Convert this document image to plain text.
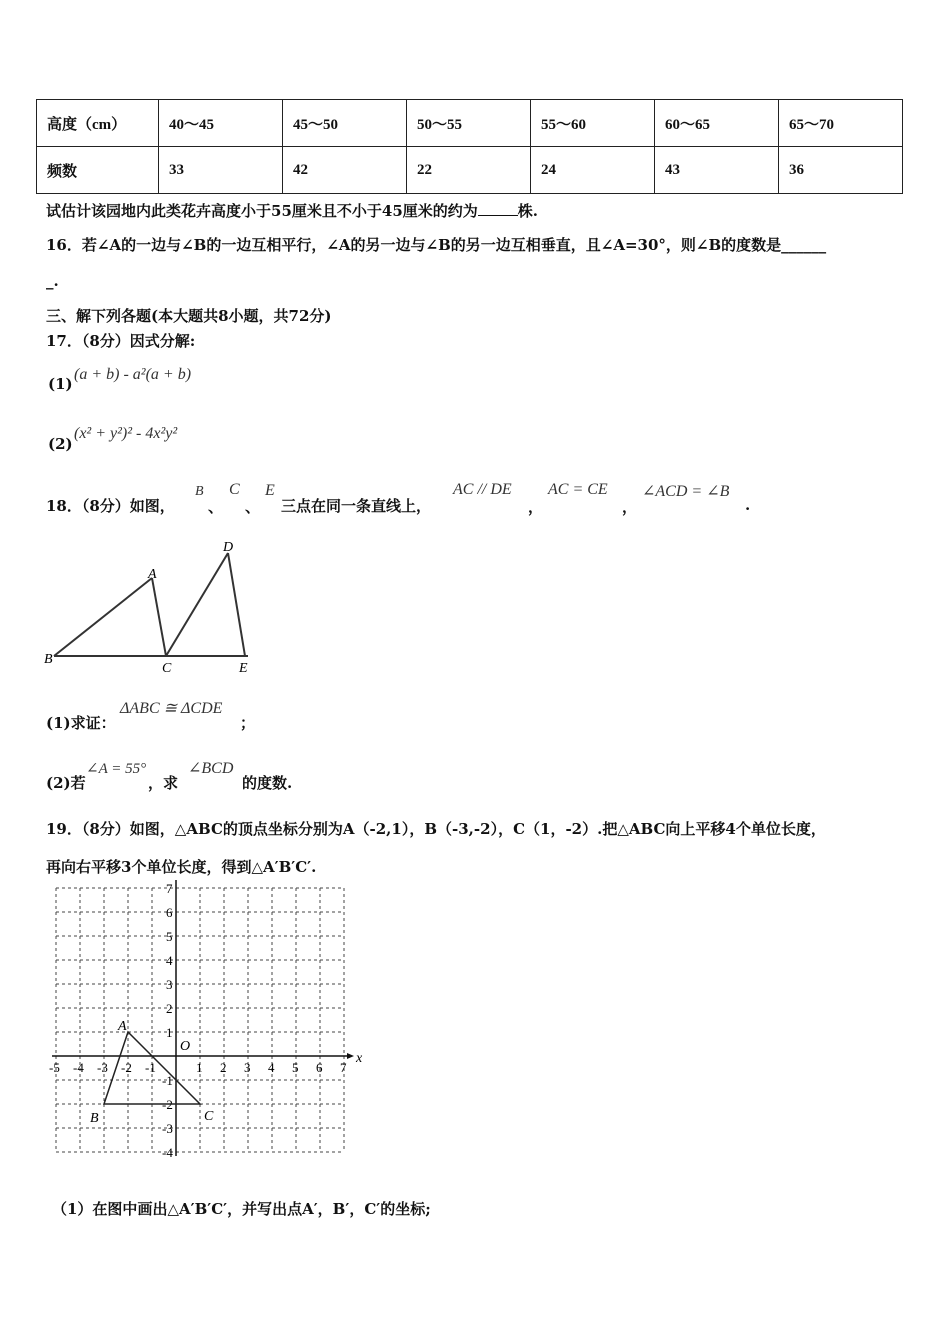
高度（cm）	40～45	45～50	50～55	55～60	60～65	65～70
频数	33	42	22	24	43	36
试估计该园地内此类花卉高度小于55厘米且不小于45厘米的约为	株.
16．若∠A的一边与∠B的一边互相平行，∠A的另一边与∠B的另一边互相垂直，且∠A=30°，则∠B的度数是______
_.
三、解下列各题(本大题共8小题，共72分)
17．（8分）因式分解:
(1)
(a + b) - a²(a + b)
(2)
(x² + y²)² - 4x²y²
18．（8分）如图，
B
、
C
、
E
三点在同一条直线上，
AC // DE
，
AC = CE
，
∠ACD = ∠B
.
A
B
C
D
E
(1)求证：
ΔABC ≅ ΔCDE
；
(2)若
∠A = 55°
，求
∠BCD
的度数.
19．（8分）如图，△ABC的顶点坐标分别为A（-2,1），B（-3,-2），C（1，-2）.把△ABC向上平移4个单位长度，
再向右平移3个单位长度，得到△A′B′C′.
-5 -4 -3 -2 -1	1 2 3 4 5 6 7
7
6
5
4
3
2
1
-1
-2
-3
-4
A
B	C
O
x
（1）在图中画出△A′B′C′，并写出点A′，B′，C′的坐标;
